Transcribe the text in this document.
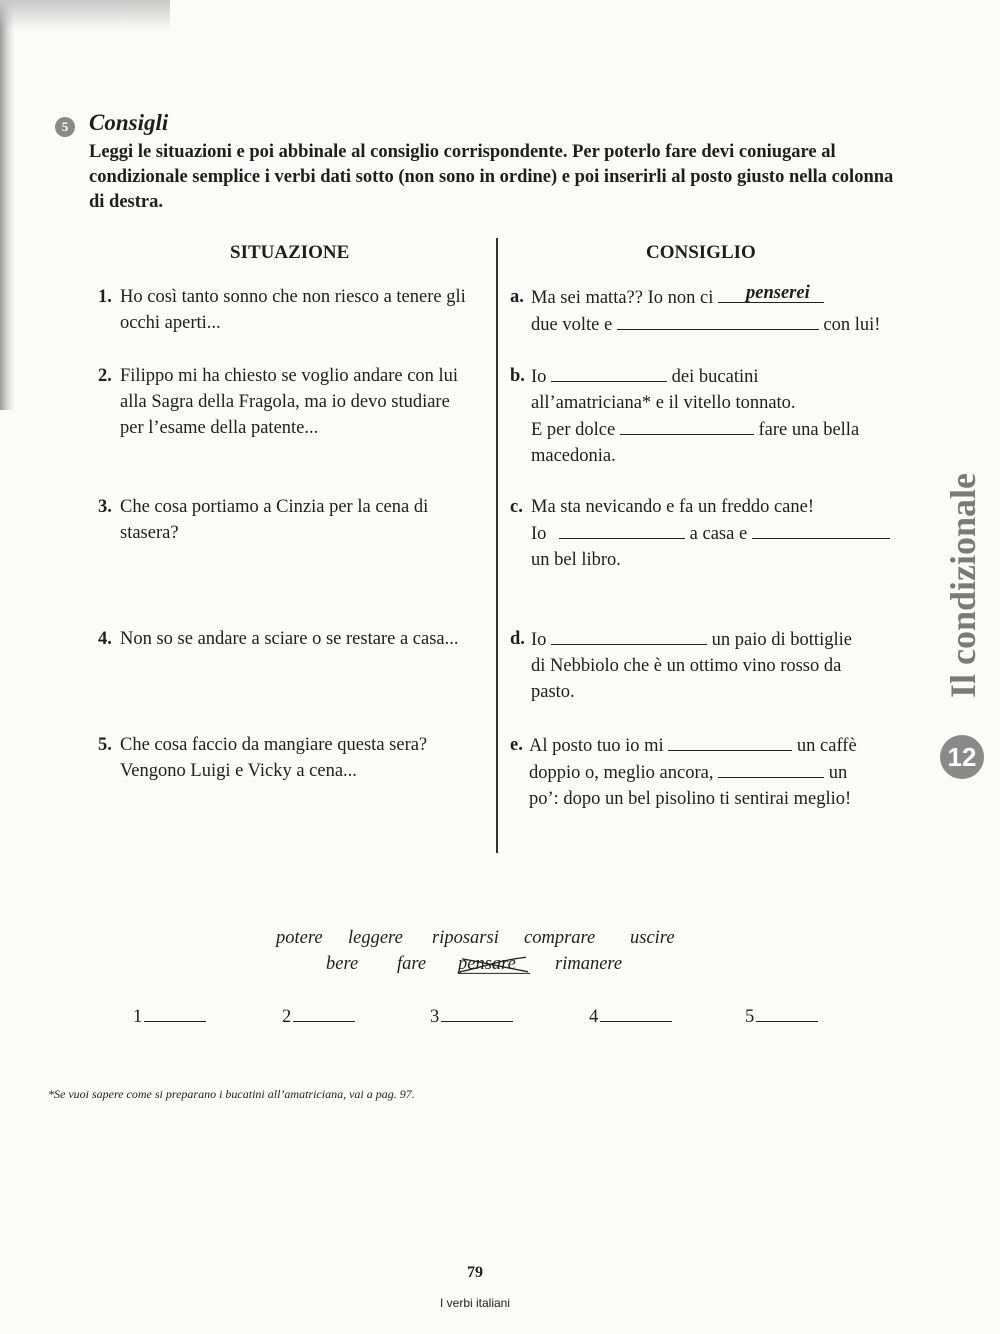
5 Consigli
Leggi le situazioni e poi abbinale al consiglio corrispondente. Per poterlo fare devi coniugare al condizionale semplice i verbi dati sotto (non sono in ordine) e poi inserirli al posto giusto nella colonna di destra.
SITUAZIONE	CONSIGLIO
1. Ho così tanto sonno che non riesco a tenere gli occhi aperti...
2. Filippo mi ha chiesto se voglio andare con lui alla Sagra della Fragola, ma io devo studiare per l’esame della patente...
3. Che cosa portiamo a Cinzia per la cena di stasera?
4. Non so se andare a sciare o se restare a casa...
5. Che cosa faccio da mangiare questa sera? Vengono Luigi e Vicky a cena...
a. Ma sei matta?? Io non ci penserei

due volte e	con lui!
b. Io	dei bucatini
all’amatriciana* e il vitello tonnato.
E per dolce	fare una bella
macedonia.
c. Ma sta nevicando e fa un freddo cane!
Io	a casa e
un bel libro.
d. Io	un paio di bottiglie
di Nebbiolo che è un ottimo vino rosso da
pasto.
e. Al posto tuo io mi	un caffè
doppio o, meglio ancora,	un
po’: dopo un bel pisolino ti sentirai meglio!
Il condizionale
12
potere leggere riposarsi comprare uscire
bere fare pensare	rimanere
1	2	3	4	5
*Se vuoi sapere come si preparano i bucatini all’amatriciana, vai a pag. 97.
79
I verbi italiani
